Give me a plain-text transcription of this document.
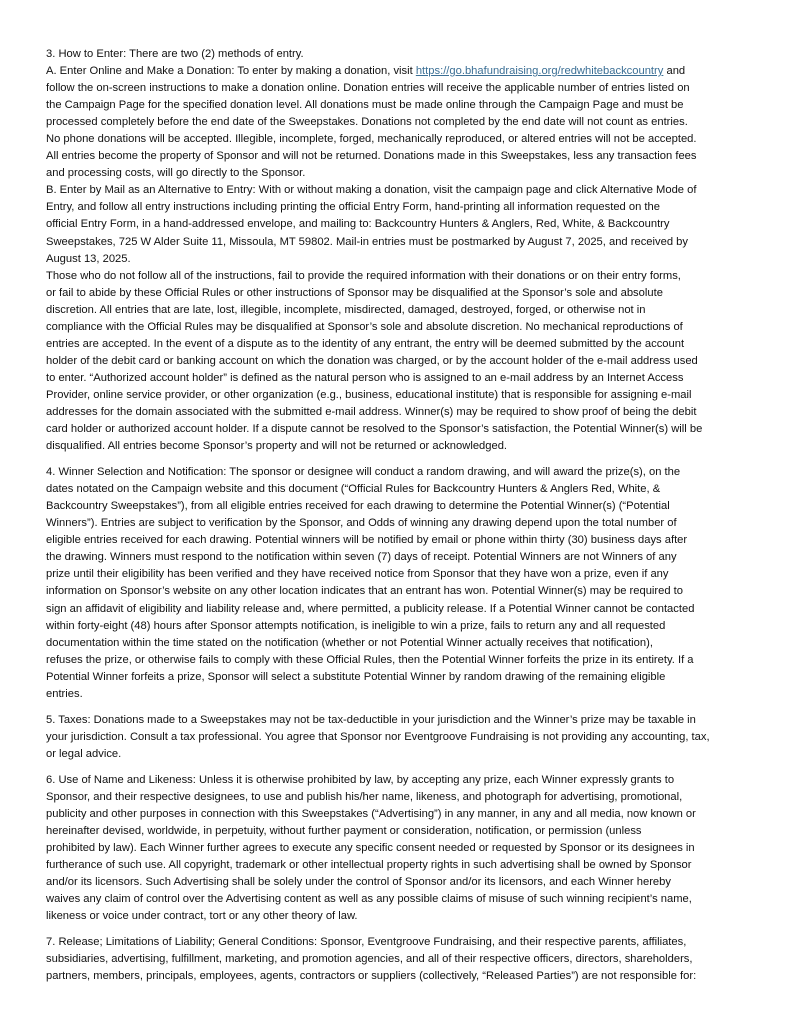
3. How to Enter: There are two (2) methods of entry.
A. Enter Online and Make a Donation: To enter by making a donation, visit https://go.bhafundraising.org/redwhitebackcountry and
follow the on-screen instructions to make a donation online. Donation entries will receive the applicable number of entries listed on
the Campaign Page for the specified donation level. All donations must be made online through the Campaign Page and must be
processed completely before the end date of the Sweepstakes. Donations not completed by the end date will not count as entries.
No phone donations will be accepted. Illegible, incomplete, forged, mechanically reproduced, or altered entries will not be accepted.
All entries become the property of Sponsor and will not be returned. Donations made in this Sweepstakes, less any transaction fees
and processing costs, will go directly to the Sponsor.
B. Enter by Mail as an Alternative to Entry: With or without making a donation, visit the campaign page and click Alternative Mode of
Entry, and follow all entry instructions including printing the official Entry Form, hand-printing all information requested on the
official Entry Form, in a hand-addressed envelope, and mailing to: Backcountry Hunters & Anglers, Red, White, & Backcountry
Sweepstakes, 725 W Alder Suite 11, Missoula, MT 59802. Mail-in entries must be postmarked by August 7, 2025, and received by
August 13, 2025.
Those who do not follow all of the instructions, fail to provide the required information with their donations or on their entry forms,
or fail to abide by these Official Rules or other instructions of Sponsor may be disqualified at the Sponsor’s sole and absolute
discretion. All entries that are late, lost, illegible, incomplete, misdirected, damaged, destroyed, forged, or otherwise not in
compliance with the Official Rules may be disqualified at Sponsor’s sole and absolute discretion. No mechanical reproductions of
entries are accepted. In the event of a dispute as to the identity of any entrant, the entry will be deemed submitted by the account
holder of the debit card or banking account on which the donation was charged, or by the account holder of the e-mail address used
to enter. “Authorized account holder” is defined as the natural person who is assigned to an e-mail address by an Internet Access
Provider, online service provider, or other organization (e.g., business, educational institute) that is responsible for assigning e-mail
addresses for the domain associated with the submitted e-mail address. Winner(s) may be required to show proof of being the debit
card holder or authorized account holder. If a dispute cannot be resolved to the Sponsor’s satisfaction, the Potential Winner(s) will be
disqualified. All entries become Sponsor’s property and will not be returned or acknowledged.
4. Winner Selection and Notification: The sponsor or designee will conduct a random drawing, and will award the prize(s), on the
dates notated on the Campaign website and this document (“Official Rules for Backcountry Hunters & Anglers Red, White, &
Backcountry Sweepstakes”), from all eligible entries received for each drawing to determine the Potential Winner(s) (“Potential
Winners”). Entries are subject to verification by the Sponsor, and Odds of winning any drawing depend upon the total number of
eligible entries received for each drawing. Potential winners will be notified by email or phone within thirty (30) business days after
the drawing. Winners must respond to the notification within seven (7) days of receipt. Potential Winners are not Winners of any
prize until their eligibility has been verified and they have received notice from Sponsor that they have won a prize, even if any
information on Sponsor’s website on any other location indicates that an entrant has won. Potential Winner(s) may be required to
sign an affidavit of eligibility and liability release and, where permitted, a publicity release. If a Potential Winner cannot be contacted
within forty-eight (48) hours after Sponsor attempts notification, is ineligible to win a prize, fails to return any and all requested
documentation within the time stated on the notification (whether or not Potential Winner actually receives that notification),
refuses the prize, or otherwise fails to comply with these Official Rules, then the Potential Winner forfeits the prize in its entirety. If a
Potential Winner forfeits a prize, Sponsor will select a substitute Potential Winner by random drawing of the remaining eligible
entries.
5. Taxes: Donations made to a Sweepstakes may not be tax-deductible in your jurisdiction and the Winner’s prize may be taxable in
your jurisdiction. Consult a tax professional. You agree that Sponsor nor Eventgroove Fundraising is not providing any accounting, tax,
or legal advice.
6. Use of Name and Likeness: Unless it is otherwise prohibited by law, by accepting any prize, each Winner expressly grants to
Sponsor, and their respective designees, to use and publish his/her name, likeness, and photograph for advertising, promotional,
publicity and other purposes in connection with this Sweepstakes (“Advertising”) in any manner, in any and all media, now known or
hereinafter devised, worldwide, in perpetuity, without further payment or consideration, notification, or permission (unless
prohibited by law). Each Winner further agrees to execute any specific consent needed or requested by Sponsor or its designees in
furtherance of such use. All copyright, trademark or other intellectual property rights in such advertising shall be owned by Sponsor
and/or its licensors. Such Advertising shall be solely under the control of Sponsor and/or its licensors, and each Winner hereby
waives any claim of control over the Advertising content as well as any possible claims of misuse of such winning recipient’s name,
likeness or voice under contract, tort or any other theory of law.
7. Release; Limitations of Liability; General Conditions: Sponsor, Eventgroove Fundraising, and their respective parents, affiliates,
subsidiaries, advertising, fulfillment, marketing, and promotion agencies, and all of their respective officers, directors, shareholders,
partners, members, principals, employees, agents, contractors or suppliers (collectively, “Released Parties”) are not responsible for:
